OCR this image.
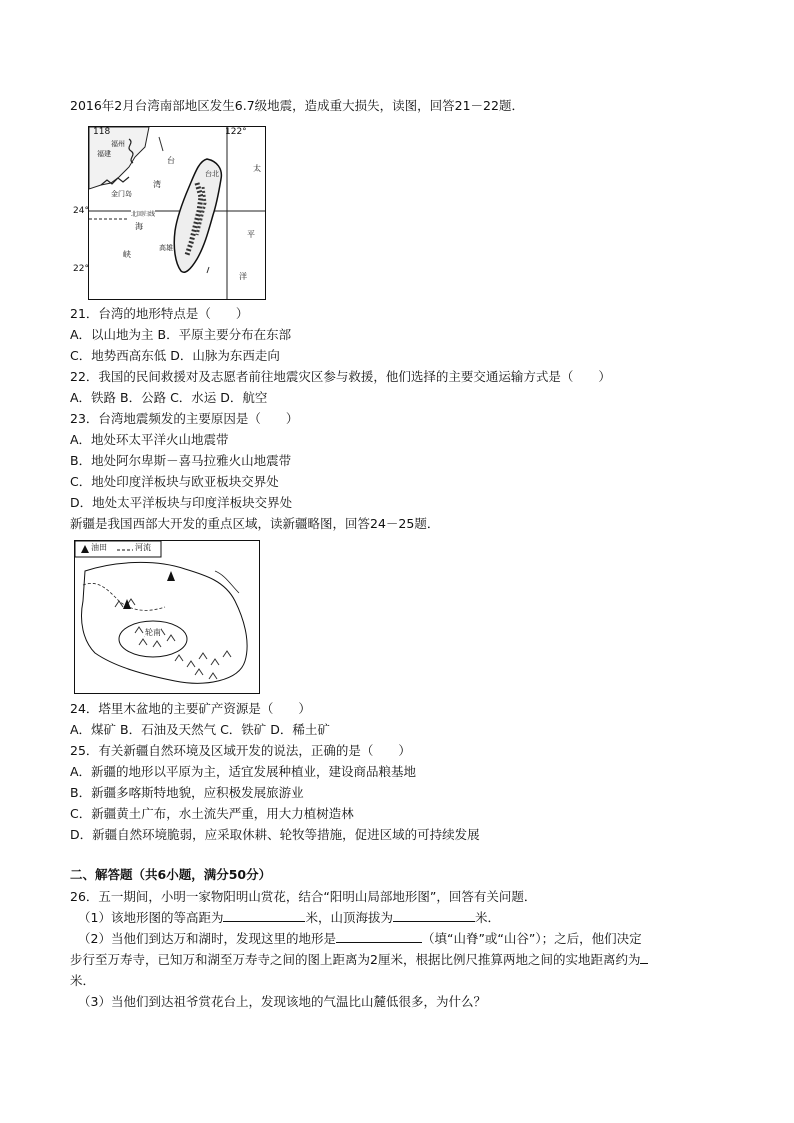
2016年2月台湾南部地区发生6.7级地震，造成重大损失，读图，回答21－22题．
118	122°
24°
22°
福州
福建
金门岛
台
湾
海
峡
北回归线
台北
高雄
太
平
洋
21．台湾的地形特点是（　　）
A．以山地为主 B．平原主要分布在东部
C．地势西高东低 D．山脉为东西走向
22．我国的民间救援对及志愿者前往地震灾区参与救援，他们选择的主要交通运输方式是（　　）
A．铁路 B．公路 C．水运 D．航空
23．台湾地震频发的主要原因是（　　）
A．地处环太平洋火山地震带
B．地处阿尔卑斯－喜马拉雅火山地震带
C．地处印度洋板块与欧亚板块交界处
D．地处太平洋板块与印度洋板块交界处
新疆是我国西部大开发的重点区域，读新疆略图，回答24－25题．
油田	河流
轮南
24．塔里木盆地的主要矿产资源是（　　）
A．煤矿 B．石油及天然气 C．铁矿 D．稀土矿
25．有关新疆自然环境及区域开发的说法，正确的是（　　）
A．新疆的地形以平原为主，适宜发展种植业，建设商品粮基地
B．新疆多喀斯特地貌，应积极发展旅游业
C．新疆黄土广布，水土流失严重，用大力植树造林
D．新疆自然环境脆弱，应采取休耕、轮牧等措施，促进区域的可持续发展
二、解答题（共6小题，满分50分）
26．五一期间，小明一家物阳明山赏花，结合“阳明山局部地形图”，回答有关问题．
（1）该地形图的等高距为	米，山顶海拔为	米．
（2）当他们到达万和湖时，发现这里的地形是	（填“山脊”或“山谷”）；之后，他们决定
步行至万寿寺，已知万和湖至万寿寺之间的图上距离为2厘米，根据比例尺推算两地之间的实地距离约为
米．
（3）当他们到达祖爷赏花台上，发现该地的气温比山麓低很多，为什么？
